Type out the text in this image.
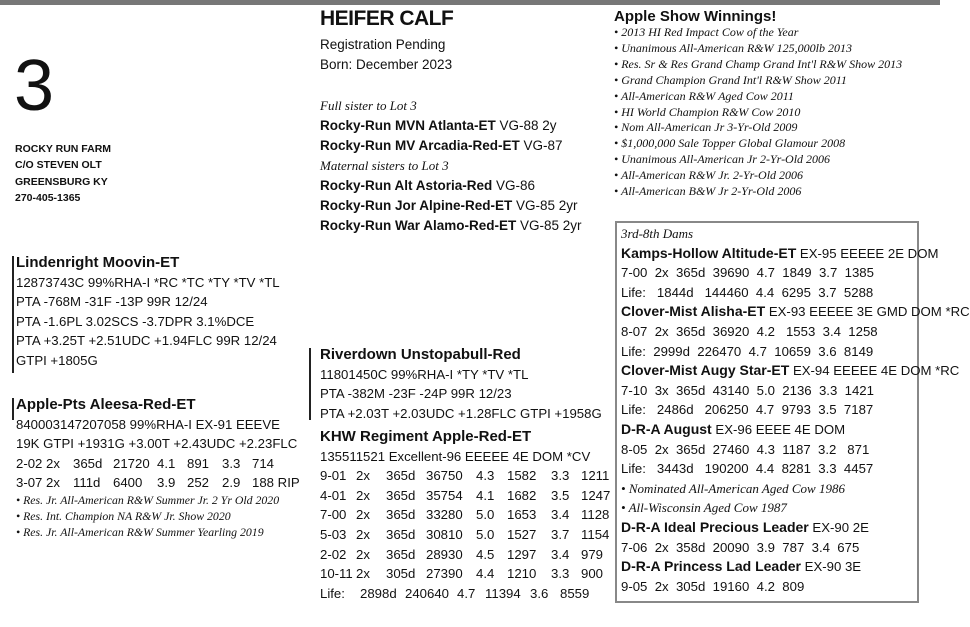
3
ROCKY RUN FARM
C/O STEVEN OLT
GREENSBURG KY
270-405-1365
HEIFER CALF
Registration Pending
Born: December 2023
Full sister to Lot 3
Rocky-Run MVN Atlanta-ET VG-88 2y
Rocky-Run MV Arcadia-Red-ET VG-87
Maternal sisters to Lot 3
Rocky-Run Alt Astoria-Red VG-86
Rocky-Run Jor Alpine-Red-ET VG-85 2yr
Rocky-Run War Alamo-Red-ET VG-85 2yr
Lindenright Moovin-ET
12873743C 99%RHA-I *RC *TC *TY *TV *TL
PTA -768M -31F -13P 99R 12/24
PTA -1.6PL 3.02SCS -3.7DPR 3.1%DCE
PTA +3.25T +2.51UDC +1.94FLC 99R 12/24
GTPI +1805G
Apple-Pts Aleesa-Red-ET
840003147207058 99%RHA-I EX-91 EEEVE
19K GTPI +1931G +3.00T +2.43UDC +2.23FLC
2-02 2x 365d 21720 4.1 891 3.3 714
3-07 2x 111d 6400	3.9 252 2.9 188 RIP
• Res. Jr. All-American R&W Summer Jr. 2 Yr Old 2020
• Res. Int. Champion NA R&W Jr. Show 2020
• Res. Jr. All-American R&W Summer Yearling 2019
Riverdown Unstopabull-Red
11801450C 99%RHA-I *TY *TV *TL
PTA -382M -23F -24P 99R 12/23
PTA +2.03T +2.03UDC +1.28FLC GTPI +1958G
KHW Regiment Apple-Red-ET
135511521 Excellent-96 EEEEE 4E DOM *CV
9-01 2x	365d 36750	4.3 1582	3.3 1211
4-01 2x	365d 35754	4.1 1682	3.5 1247
7-00 2x	365d 33280	5.0 1653	3.4 1128
5-03 2x	365d 30810	5.0 1527	3.7 1154
2-02 2x	365d 28930	4.5 1297	3.4 979
10-11 2x	305d 27390	4.4 1210	3.3 900
Life:	2898d 240640 4.7 11394 3.6 8559
Apple Show Winnings!
• 2013 HI Red Impact Cow of the Year
• Unanimous All-American R&W 125,000lb 2013
• Res. Sr & Res Grand Champ Grand Int'l R&W Show 2013
• Grand Champion Grand Int'l R&W Show 2011
• All-American R&W Aged Cow 2011
• HI World Champion R&W Cow 2010
• Nom All-American Jr 3-Yr-Old 2009
• $1,000,000 Sale Topper Global Glamour 2008
• Unanimous All-American Jr 2-Yr-Old 2006
• All-American R&W Jr. 2-Yr-Old 2006
• All-American B&W Jr 2-Yr-Old 2006
3rd-8th Dams
Kamps-Hollow Altitude-ET EX-95 EEEEE 2E DOM
7-00  2x  365d  39690  4.7  1849  3.7  1385
Life:   1844d   144460  4.4  6295  3.7  5288
Clover-Mist Alisha-ET EX-93 EEEEE 3E GMD DOM *RC
8-07  2x  365d  36920  4.2   1553  3.4  1258
Life:  2999d  226470  4.7  10659  3.6  8149
Clover-Mist Augy Star-ET EX-94 EEEEE 4E DOM *RC
7-10  3x  365d  43140  5.0  2136  3.3  1421
Life:   2486d   206250  4.7  9793  3.5  7187
D-R-A August EX-96 EEEE 4E DOM
8-05  2x  365d  27460  4.3  1187  3.2   871
Life:   3443d   190200  4.4  8281  3.3  4457
• Nominated All-American Aged Cow 1986
• All-Wisconsin Aged Cow 1987
D-R-A Ideal Precious Leader EX-90 2E
7-06  2x  358d  20090  3.9  787  3.4  675
D-R-A Princess Lad Leader EX-90 3E
9-05  2x  305d  19160  4.2  809
